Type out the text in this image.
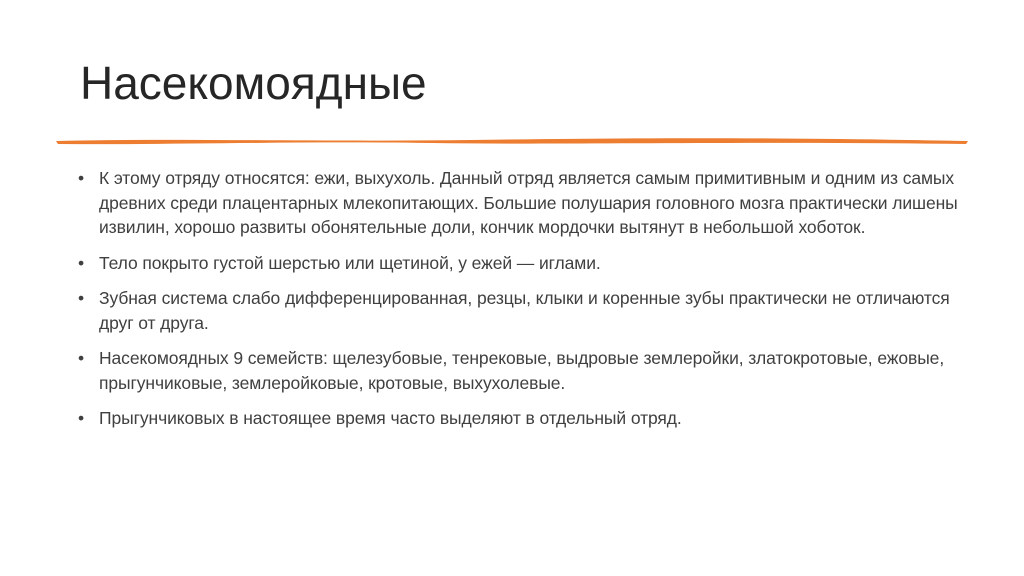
Насекомоядные
• К этому отряду относятся: ежи, выхухоль. Данный отряд является самым примитивным и одним из самых древних среди плацентарных млекопитающих. Большие полушария головного мозга практически лишены извилин, хорошо развиты обонятельные доли, кончик мордочки вытянут в небольшой хоботок.
• Тело покрыто густой шерстью или щетиной, у ежей — иглами.
• Зубная система слабо дифференцированная, резцы, клыки и коренные зубы практически не отличаются друг от друга.
• Насекомоядных 9 семейств: щелезубовые, тенрековые, выдровые землеройки, златокротовые, ежовые, прыгунчиковые, землеройковые, кротовые, выхухолевые.
• Прыгунчиковых в настоящее время часто выделяют в отдельный отряд.
